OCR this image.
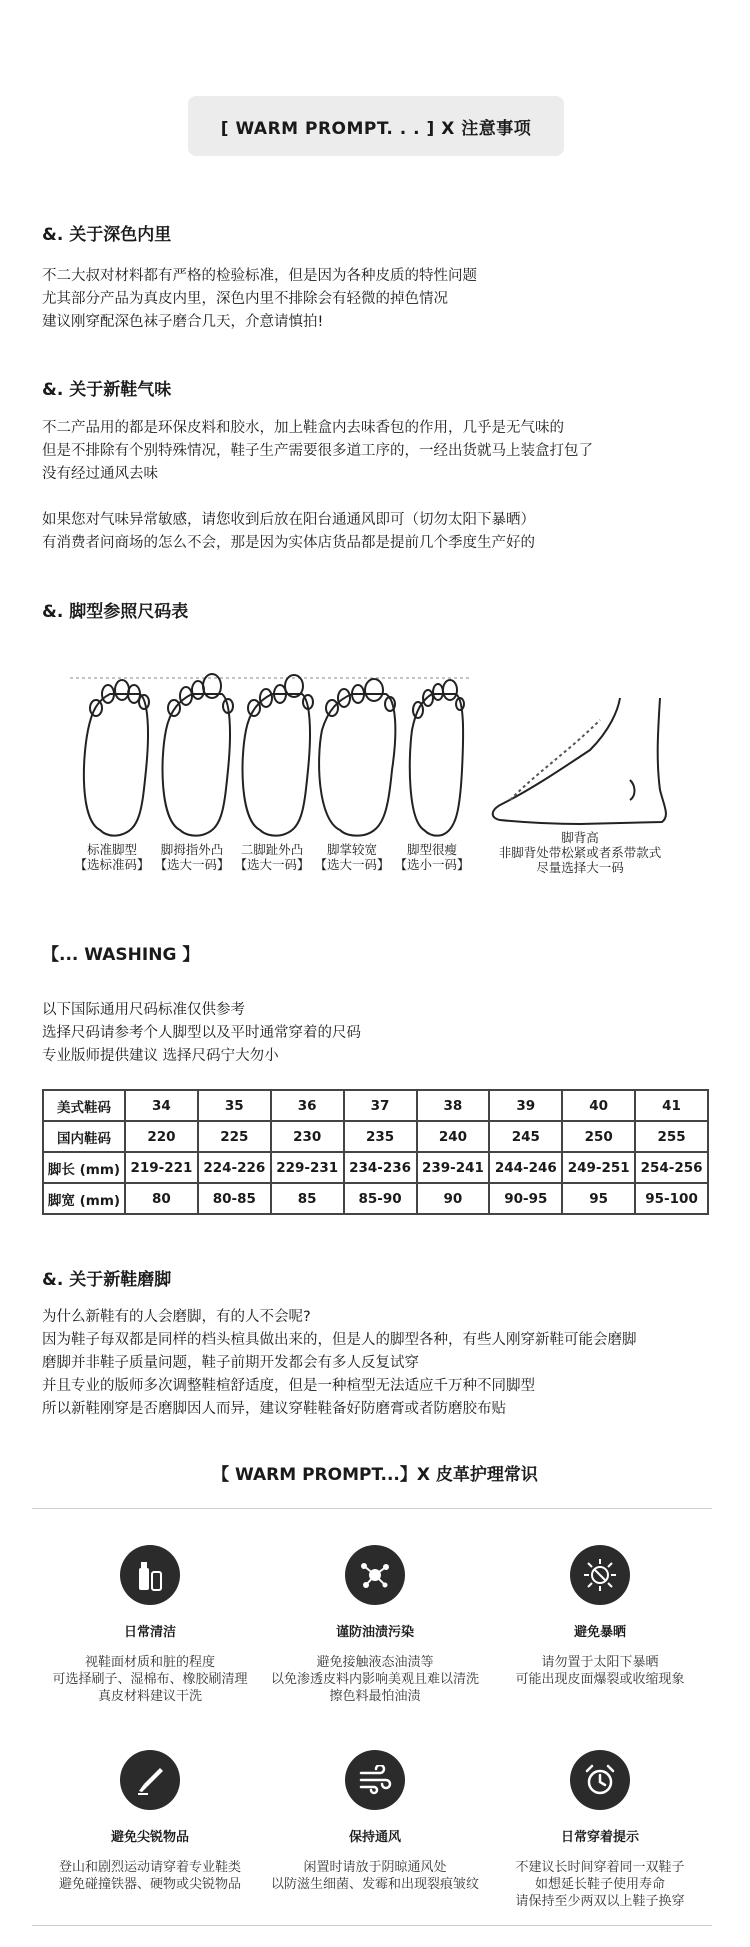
[ WARM PROMPT. . . ] X 注意事项
&. 关于深色内里
不二大叔对材料都有严格的检验标准，但是因为各种皮质的特性问题
尤其部分产品为真皮内里，深色内里不排除会有轻微的掉色情况
建议刚穿配深色袜子磨合几天，介意请慎拍!
&. 关于新鞋气味
不二产品用的都是环保皮料和胶水，加上鞋盒内去味香包的作用，几乎是无气味的
但是不排除有个别特殊情况，鞋子生产需要很多道工序的，一经出货就马上装盒打包了
没有经过通风去味
如果您对气味异常敏感，请您收到后放在阳台通通风即可（切勿太阳下暴晒）
有消费者问商场的怎么不会，那是因为实体店货品都是提前几个季度生产好的
&. 脚型参照尺码表
标准脚型
【选标准码】
脚拇指外凸
【选大一码】
二脚趾外凸
【选大一码】
脚掌较宽
【选大一码】
脚型很瘦
【选小一码】
脚背高
非脚背处带松紧或者系带款式
尽量选择大一码
【... WASHING 】
以下国际通用尺码标准仅供参考
选择尺码请参考个人脚型以及平时通常穿着的尺码
专业版师提供建议 选择尺码宁大勿小
美式鞋码	34	35	36	37	38	39	40	41
国内鞋码	220	225	230	235	240	245	250	255
脚长 (mm)	219-221	224-226	229-231	234-236	239-241	244-246	249-251	254-256
脚宽 (mm)	80	80-85	85	85-90	90	90-95	95	95-100
&. 关于新鞋磨脚
为什么新鞋有的人会磨脚，有的人不会呢?
因为鞋子每双都是同样的档头楦具做出来的，但是人的脚型各种，有些人刚穿新鞋可能会磨脚
磨脚并非鞋子质量问题，鞋子前期开发都会有多人反复试穿
并且专业的版师多次调整鞋楦舒适度，但是一种楦型无法适应千万种不同脚型
所以新鞋刚穿是否磨脚因人而异，建议穿鞋鞋备好防磨膏或者防磨胶布贴
【 WARM PROMPT...】X 皮革护理常识
日常清洁
视鞋面材质和脏的程度
可选择刷子、湿棉布、橡胶刷清理
真皮材料建议干洗
谨防油渍污染
避免接触液态油渍等
以免渗透皮料内影响美观且难以清洗
擦色料最怕油渍
避免暴晒
请勿置于太阳下暴晒
可能出现皮面爆裂或收缩现象
避免尖锐物品
登山和剧烈运动请穿着专业鞋类
避免碰撞铁器、硬物或尖锐物品
保持通风
闲置时请放于阴晾通风处
以防滋生细菌、发霉和出现裂痕皱纹
日常穿着提示
不建议长时间穿着同一双鞋子
如想延长鞋子使用寿命
请保持至少两双以上鞋子换穿
